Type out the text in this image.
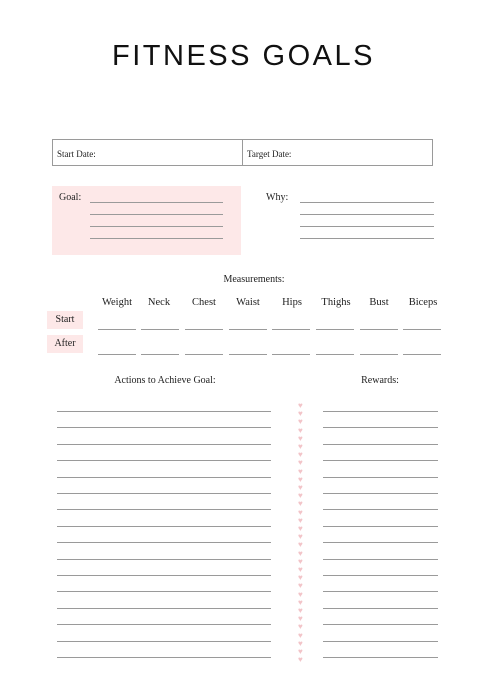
FITNESS GOALS
Start Date:	Target Date:
Goal:	Why:
Measurements:
Weight	Neck	Chest	Waist	Hips	Thighs	Bust	Biceps
Start
After
Actions to Achieve Goal:	Rewards:
♥
♥
♥
♥
♥
♥
♥
♥
♥
♥
♥
♥
♥
♥
♥
♥
♥
♥
♥
♥
♥
♥
♥
♥
♥
♥
♥
♥
♥
♥
♥
♥
